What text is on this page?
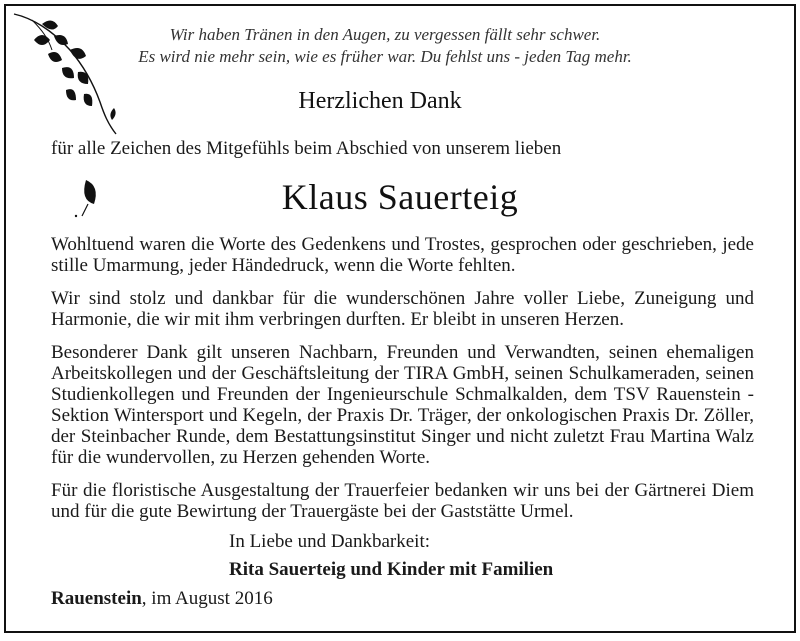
Wir haben Tränen in den Augen, zu vergessen fällt sehr schwer.
Es wird nie mehr sein, wie es früher war. Du fehlst uns - jeden Tag mehr.
Herzlichen Dank
für alle Zeichen des Mitgefühls beim Abschied von unserem lieben
Klaus Sauerteig

Wohltuend waren die Worte des Gedenkens und Trostes, gesprochen oder geschrieben, jede stille Umarmung, jeder Händedruck, wenn die Worte fehlten.

Wir sind stolz und dankbar für die wunderschönen Jahre voller Liebe, Zuneigung und Harmonie, die wir mit ihm verbringen durften. Er bleibt in unseren Herzen.

Besonderer Dank gilt unseren Nachbarn, Freunden und Verwandten, seinen ehemaligen Arbeitskollegen und der Geschäftsleitung der TIRA GmbH, seinen Schulkameraden, seinen Studienkollegen und Freunden der Ingenieurschule Schmalkalden, dem TSV Rauenstein - Sektion Wintersport und Kegeln, der Praxis Dr. Träger, der onkologischen Praxis Dr. Zöller, der Steinbacher Runde, dem Bestattungsinstitut Singer und nicht zuletzt Frau Martina Walz für die wundervollen, zu Herzen gehenden Worte.

Für die floristische Ausgestaltung der Trauerfeier bedanken wir uns bei der Gärtnerei Diem und für die gute Bewirtung der Trauergäste bei der Gaststätte Urmel.

In Liebe und Dankbarkeit:
Rita Sauerteig und Kinder mit Familien
Rauenstein, im August 2016
